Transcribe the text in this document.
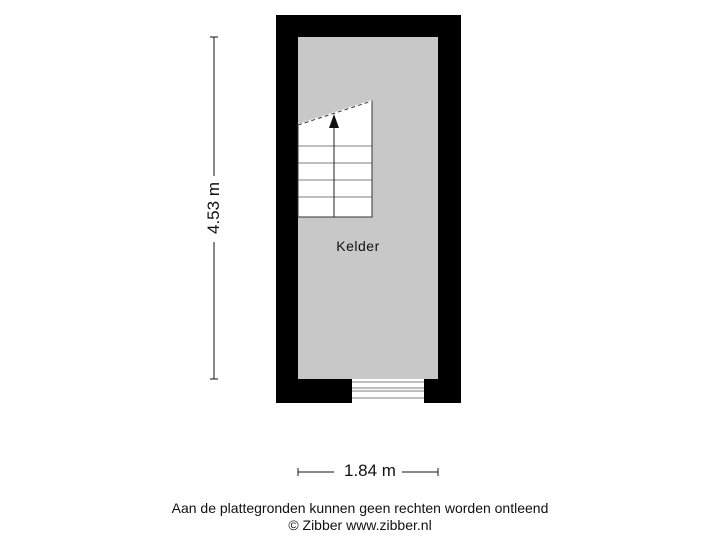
Kelder
4.53 m
1.84 m
Aan de plattegronden kunnen geen rechten worden ontleend
© Zibber www.zibber.nl
